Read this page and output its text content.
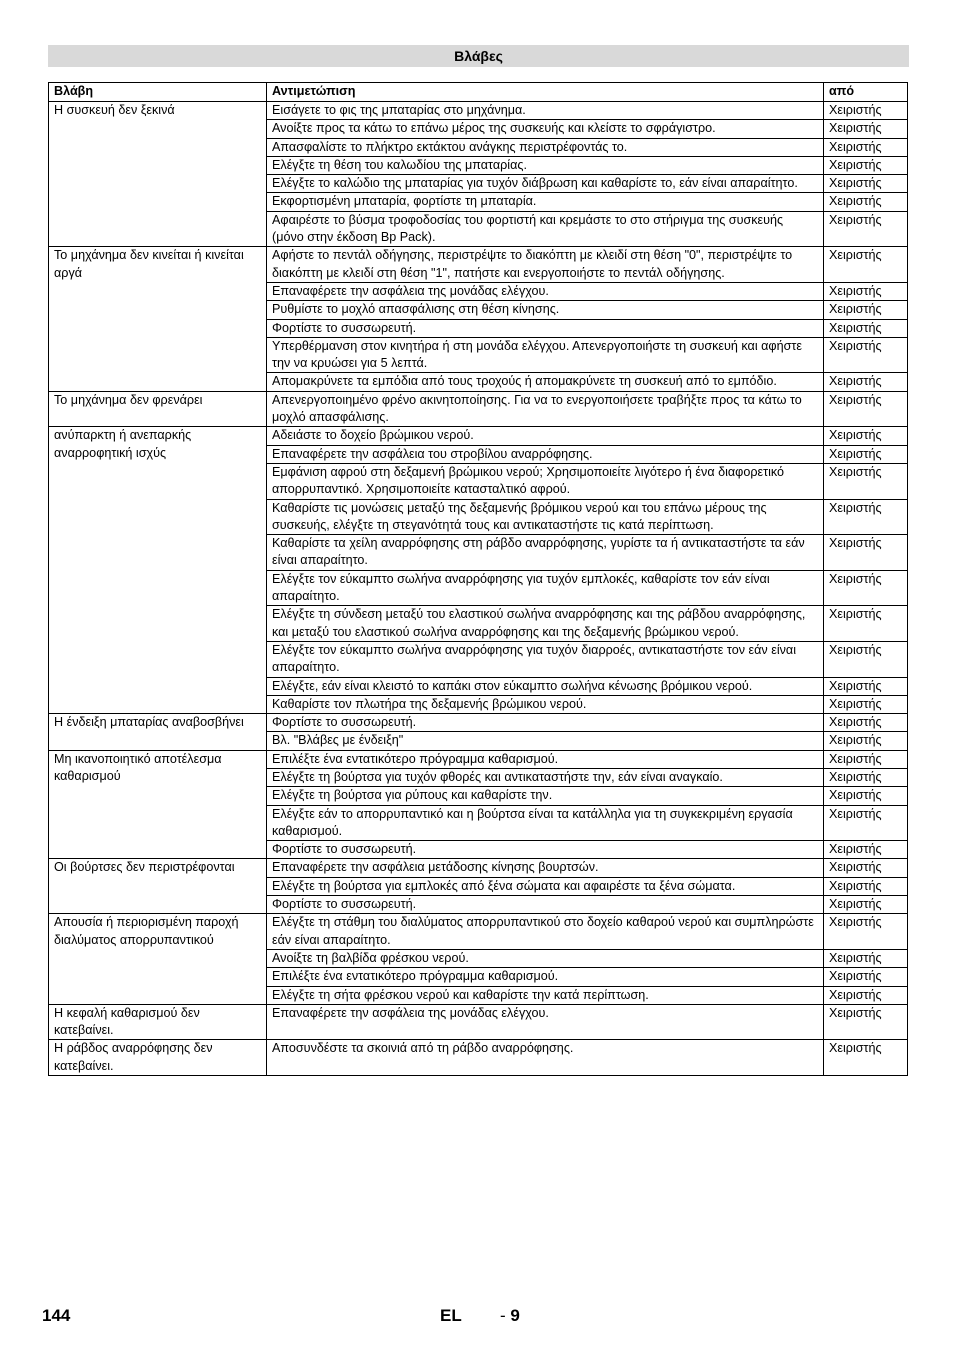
Βλάβες
Βλάβη	Αντιμετώπιση	από
Η συσκευή δεν ξεκινά	Εισάγετε το φις της μπαταρίας στο μηχάνημα.	Χειριστής
	Ανοίξτε προς τα κάτω το επάνω μέρος της συσκευής και κλείστε το σφράγιστρο.	Χειριστής
	Απασφαλίστε το πλήκτρο εκτάκτου ανάγκης περιστρέφοντάς το.	Χειριστής
	Ελέγξτε τη θέση του καλωδίου της μπαταρίας.	Χειριστής
	Ελέγξτε το καλώδιο της μπαταρίας για τυχόν διάβρωση και καθαρίστε το, εάν είναι απαραίτητο.	Χειριστής
	Εκφορτισμένη μπαταρία, φορτίστε τη μπαταρία.	Χειριστής
	Αφαιρέστε το βύσμα τροφοδοσίας του φορτιστή και κρεμάστε το στο στήριγμα της συσκευής (μόνο στην έκδοση Bp Pack).	Χειριστής
Το μηχάνημα δεν κινείται ή κινείται αργά	Αφήστε το πεντάλ οδήγησης, περιστρέψτε το διακόπτη με κλειδί στη θέση "0", περιστρέψτε το διακόπτη με κλειδί στη θέση "1", πατήστε και ενεργοποιήστε το πεντάλ οδήγησης.	Χειριστής
	Επαναφέρετε την ασφάλεια της μονάδας ελέγχου.	Χειριστής
	Ρυθμίστε το μοχλό απασφάλισης στη θέση κίνησης.	Χειριστής
	Φορτίστε το συσσωρευτή.	Χειριστής
	Υπερθέρμανση στον κινητήρα ή στη μονάδα ελέγχου. Απενεργοποιήστε τη συσκευή και αφήστε την να κρυώσει για 5 λεπτά.	Χειριστής
	Απομακρύνετε τα εμπόδια από τους τροχούς ή απομακρύνετε τη συσκευή από το εμπόδιο.	Χειριστής
Το μηχάνημα δεν φρενάρει	Απενεργοποιημένο φρένο ακινητοποίησης. Για να το ενεργοποιήσετε τραβήξτε προς τα κάτω το μοχλό απασφάλισης.	Χειριστής
ανύπαρκτη ή ανεπαρκής αναρροφητική ισχύς	Αδειάστε το δοχείο βρώμικου νερού.	Χειριστής
	Επαναφέρετε την ασφάλεια του στροβίλου αναρρόφησης.	Χειριστής
	Εμφάνιση αφρού στη δεξαμενή βρώμικου νερού; Χρησιμοποιείτε λιγότερο ή ένα διαφορετικό απορρυπαντικό. Χρησιμοποιείτε κατασταλτικό αφρού.	Χειριστής
	Καθαρίστε τις μονώσεις μεταξύ της δεξαμενής βρόμικου νερού και του επάνω μέρους της συσκευής, ελέγξτε τη στεγανότητά τους και αντικαταστήστε τις κατά περίπτωση.	Χειριστής
	Καθαρίστε τα χείλη αναρρόφησης στη ράβδο αναρρόφησης, γυρίστε τα ή αντικαταστήστε τα εάν είναι απαραίτητο.	Χειριστής
	Ελέγξτε τον εύκαμπτο σωλήνα αναρρόφησης για τυχόν εμπλοκές, καθαρίστε τον εάν είναι απαραίτητο.	Χειριστής
	Ελέγξτε τη σύνδεση μεταξύ του ελαστικού σωλήνα αναρρόφησης και της ράβδου αναρρόφησης, και μεταξύ του ελαστικού σωλήνα αναρρόφησης και της δεξαμενής βρώμικου νερού.	Χειριστής
	Ελέγξτε τον εύκαμπτο σωλήνα αναρρόφησης για τυχόν διαρροές, αντικαταστήστε τον εάν είναι απαραίτητο.	Χειριστής
	Ελέγξτε, εάν είναι κλειστό το καπάκι στον εύκαμπτο σωλήνα κένωσης βρόμικου νερού.	Χειριστής
	Καθαρίστε τον πλωτήρα της δεξαμενής βρώμικου νερού.	Χειριστής
Η ένδειξη μπαταρίας αναβοσβήνει	Φορτίστε το συσσωρευτή.	Χειριστής
	Βλ. "Βλάβες με ένδειξη"	Χειριστής
Μη ικανοποιητικό αποτέλεσμα καθαρισμού	Επιλέξτε ένα εντατικότερο πρόγραμμα καθαρισμού.	Χειριστής
	Ελέγξτε τη βούρτσα για τυχόν φθορές και αντικαταστήστε την, εάν είναι αναγκαίο.	Χειριστής
	Ελέγξτε τη βούρτσα για ρύπους και καθαρίστε την.	Χειριστής
	Ελέγξτε εάν το απορρυπαντικό και η βούρτσα είναι τα κατάλληλα για τη συγκεκριμένη εργασία καθαρισμού.	Χειριστής
	Φορτίστε το συσσωρευτή.	Χειριστής
Οι βούρτσες δεν περιστρέφονται	Επαναφέρετε την ασφάλεια μετάδοσης κίνησης βουρτσών.	Χειριστής
	Ελέγξτε τη βούρτσα για εμπλοκές από ξένα σώματα και αφαιρέστε τα ξένα σώματα.	Χειριστής
	Φορτίστε το συσσωρευτή.	Χειριστής
Απουσία ή περιορισμένη παροχή διαλύματος απορρυπαντικού	Ελέγξτε τη στάθμη του διαλύματος απορρυπαντικού στο δοχείο καθαρού νερού και συμπληρώστε εάν είναι απαραίτητο.	Χειριστής
	Ανοίξτε τη βαλβίδα φρέσκου νερού.	Χειριστής
	Επιλέξτε ένα εντατικότερο πρόγραμμα καθαρισμού.	Χειριστής
	Ελέγξτε τη σήτα φρέσκου νερού και καθαρίστε την κατά περίπτωση.	Χειριστής
Η κεφαλή καθαρισμού δεν κατεβαίνει.	Επαναφέρετε την ασφάλεια της μονάδας ελέγχου.	Χειριστής
Η ράβδος αναρρόφησης δεν κατεβαίνει.	Αποσυνδέστε τα σκοινιά από τη ράβδο αναρρόφησης.	Χειριστής
144	EL - 9
